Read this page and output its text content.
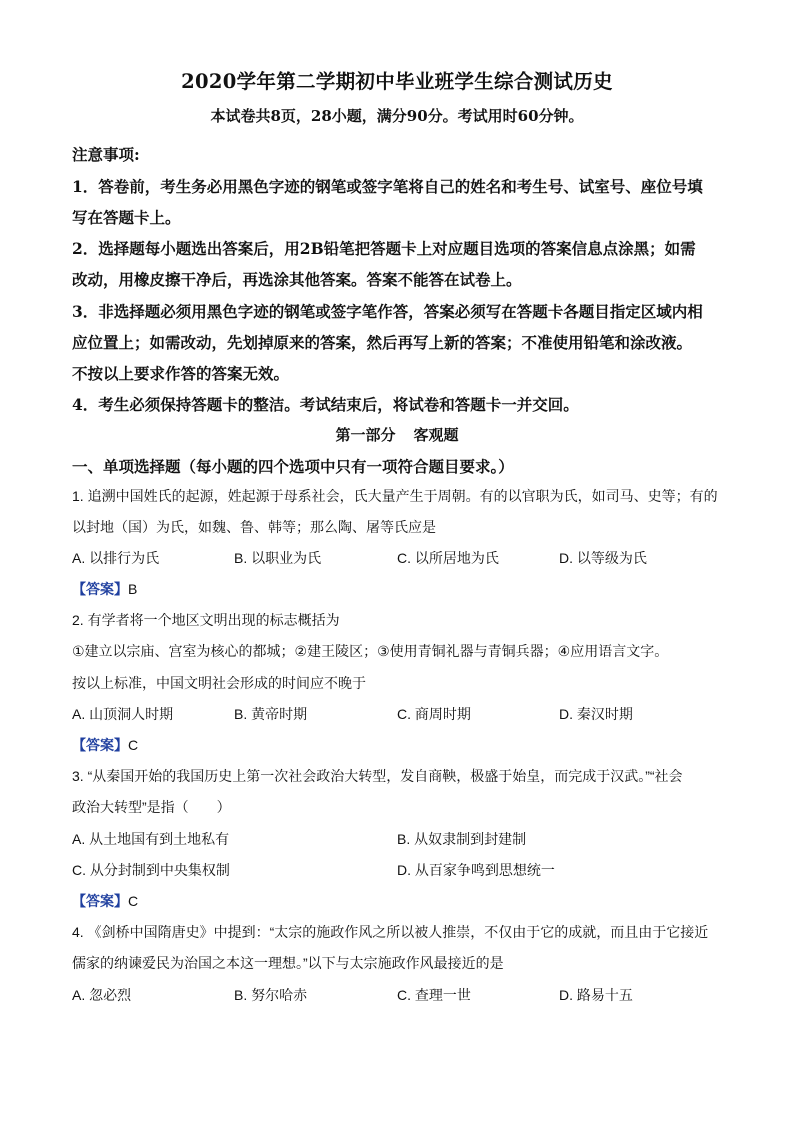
2020学年第二学期初中毕业班学生综合测试历史
本试卷共8页，28小题，满分90分。考试用时60分钟。
注意事项:
1．答卷前，考生务必用黑色字迹的钢笔或签字笔将自己的姓名和考生号、试室号、座位号填
写在答题卡上。
2．选择题每小题选出答案后，用2B铅笔把答题卡上对应题目选项的答案信息点涂黑；如需
改动，用橡皮擦干净后，再选涂其他答案。答案不能答在试卷上。
3．非选择题必须用黑色字迹的钢笔或签字笔作答，答案必须写在答题卡各题目指定区域内相
应位置上；如需改动，先划掉原来的答案，然后再写上新的答案；不准使用铅笔和涂改液。
不按以上要求作答的答案无效。
4．考生必须保持答题卡的整洁。考试结束后，将试卷和答题卡一并交回。
第一部分 客观题
一、单项选择题（每小题的四个选项中只有一项符合题目要求。）
1. 追溯中国姓氏的起源，姓起源于母系社会，氏大量产生于周朝。有的以官职为氏，如司马、史等；有的
以封地（国）为氏，如魏、鲁、韩等；那么陶、屠等氏应是
A. 以排行为氏	B. 以职业为氏	C. 以所居地为氏	D. 以等级为氏
【答案】B
2. 有学者将一个地区文明出现的标志概括为
①建立以宗庙、宫室为核心的都城；②建王陵区；③使用青铜礼器与青铜兵器；④应用语言文字。
按以上标准，中国文明社会形成的时间应不晚于
A. 山顶洞人时期	B. 黄帝时期	C. 商周时期	D. 秦汉时期
【答案】C
3. “从秦国开始的我国历史上第一次社会政治大转型，发自商鞅，极盛于始皇，而完成于汉武。”“社会
政治大转型”是指（　　）
A. 从土地国有到土地私有	B. 从奴隶制到封建制
C. 从分封制到中央集权制	D. 从百家争鸣到思想统一
【答案】C
4. 《剑桥中国隋唐史》中提到：“太宗的施政作风之所以被人推崇，不仅由于它的成就，而且由于它接近
儒家的纳谏爱民为治国之本这一理想。”以下与太宗施政作风最接近的是
A. 忽必烈	B. 努尔哈赤	C. 查理一世	D. 路易十五
